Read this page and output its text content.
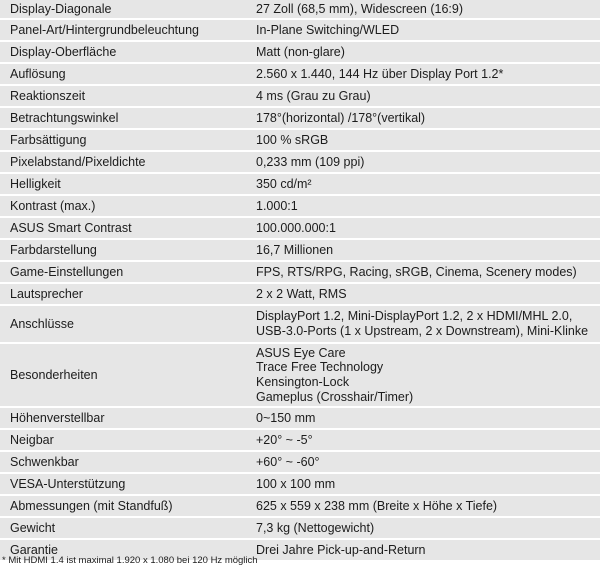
Display-Diagonale	27 Zoll (68,5 mm), Widescreen (16:9)
Panel-Art/Hintergrundbeleuchtung	In-Plane Switching/WLED
Display-Oberfläche	Matt (non-glare)
Auflösung	2.560 x 1.440, 144 Hz über Display Port 1.2*
Reaktionszeit	4 ms (Grau zu Grau)
Betrachtungswinkel	178°(horizontal) /178°(vertikal)
Farbsättigung	100 % sRGB
Pixelabstand/Pixeldichte	0,233 mm (109 ppi)
Helligkeit	350 cd/m²
Kontrast (max.)	1.000:1
ASUS Smart Contrast	100.000.000:1
Farbdarstellung	16,7 Millionen
Game-Einstellungen	FPS, RTS/RPG, Racing, sRGB, Cinema, Scenery modes)
Lautsprecher	2 x 2 Watt, RMS
Anschlüsse	DisplayPort 1.2, Mini-DisplayPort 1.2, 2 x HDMI/MHL 2.0,
USB-3.0-Ports (1 x Upstream, 2 x Downstream), Mini-Klinke

Besonderheiten	ASUS Eye Care
Trace Free Technology
Kensington-Lock
Gameplus (Crosshair/Timer)

Höhenverstellbar	0~150 mm
Neigbar	+20° ~ -5°
Schwenkbar	+60° ~ -60°
VESA-Unterstützung	100 x 100 mm
Abmessungen (mit Standfuß)	625 x 559 x 238 mm (Breite x Höhe x Tiefe)
Gewicht	7,3 kg (Nettogewicht)
Garantie	Drei Jahre Pick-up-and-Return
* Mit HDMI 1.4 ist maximal 1.920 x 1.080 bei 120 Hz möglich
